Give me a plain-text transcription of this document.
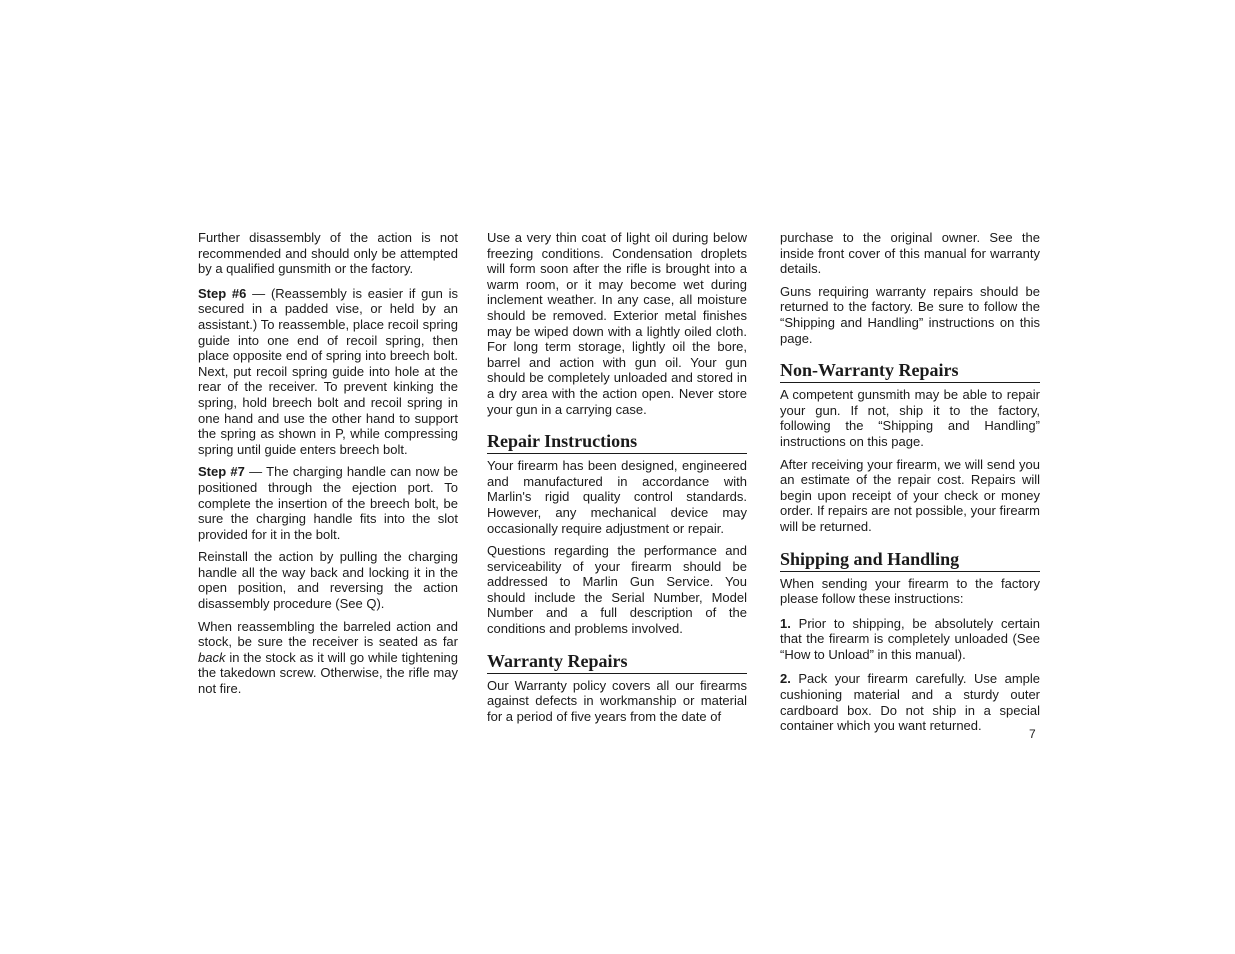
Further disassembly of the action is not recommended and should only be attempted by a qualified gunsmith or the factory.

Step #6 — (Reassembly is easier if gun is secured in a padded vise, or held by an assistant.) To reassemble, place recoil spring guide into one end of recoil spring, then place opposite end of spring into breech bolt. Next, put recoil spring guide into hole at the rear of the receiver. To prevent kinking the spring, hold breech bolt and recoil spring in one hand and use the other hand to support the spring as shown in P, while compressing spring until guide enters breech bolt.

Step #7 — The charging handle can now be positioned through the ejection port. To complete the insertion of the breech bolt, be sure the charging handle fits into the slot provided for it in the bolt.

Reinstall the action by pulling the charging handle all the way back and locking it in the open position, and reversing the action disassembly procedure (See Q).

When reassembling the barreled action and stock, be sure the receiver is seated as far back in the stock as it will go while tightening the takedown screw. Otherwise, the rifle may not fire.

Use a very thin coat of light oil during below freezing conditions. Condensation droplets will form soon after the rifle is brought into a warm room, or it may become wet during inclement weather. In any case, all moisture should be removed. Exterior metal finishes may be wiped down with a lightly oiled cloth. For long term storage, lightly oil the bore, barrel and action with gun oil. Your gun should be completely unloaded and stored in a dry area with the action open. Never store your gun in a carrying case.

Repair Instructions

Your firearm has been designed, engineered and manufactured in accordance with Marlin's rigid quality control standards. However, any mechanical device may occasionally require adjustment or repair.

Questions regarding the performance and serviceability of your firearm should be addressed to Marlin Gun Service. You should include the Serial Number, Model Number and a full description of the conditions and problems involved.

Warranty Repairs

Our Warranty policy covers all our firearms against defects in workmanship or material for a period of five years from the date of

purchase to the original owner. See the inside front cover of this manual for warranty details.

Guns requiring warranty repairs should be returned to the factory. Be sure to follow the “Shipping and Handling” instructions on this page.

Non-Warranty Repairs

A competent gunsmith may be able to repair your gun. If not, ship it to the factory, following the “Shipping and Handling” instructions on this page.

After receiving your firearm, we will send you an estimate of the repair cost. Repairs will begin upon receipt of your check or money order. If repairs are not possible, your firearm will be returned.

Shipping and Handling

When sending your firearm to the factory please follow these instructions:

1. Prior to shipping, be absolutely certain that the firearm is completely unloaded (See “How to Unload” in this manual).

2. Pack your firearm carefully. Use ample cushioning material and a sturdy outer cardboard box. Do not ship in a special container which you want returned.

7
